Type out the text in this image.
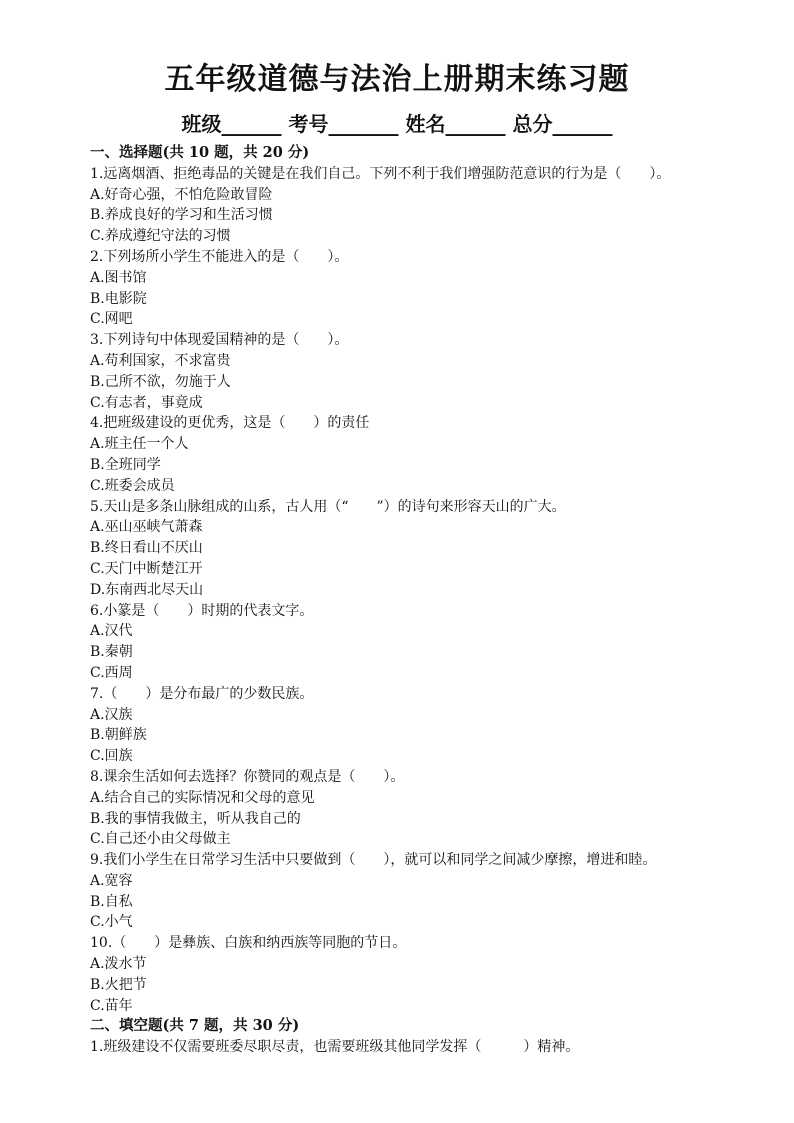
五年级道德与法治上册期末练习题
班级______ 考号_______ 姓名______ 总分______
一、选择题(共 10 题，共 20 分)
1.远离烟酒、拒绝毒品的关键是在我们自己。下列不利于我们增强防范意识的行为是（　　）。
A.好奇心强，不怕危险敢冒险
B.养成良好的学习和生活习惯
C.养成遵纪守法的习惯
2.下列场所小学生不能进入的是（　　）。
A.图书馆
B.电影院
C.网吧
3.下列诗句中体现爱国精神的是（　　）。
A.苟利国家，不求富贵
B.己所不欲，勿施于人
C.有志者，事竟成
4.把班级建设的更优秀，这是（　　）的责任
A.班主任一个人
B.全班同学
C.班委会成员
5.天山是多条山脉组成的山系，古人用（“　　”）的诗句来形容天山的广大。
A.巫山巫峡气萧森
B.终日看山不厌山
C.天门中断楚江开
D.东南西北尽天山
6.小篆是（　　）时期的代表文字。
A.汉代
B.秦朝
C.西周
7.（　　）是分布最广的少数民族。
A.汉族
B.朝鲜族
C.回族
8.课余生活如何去选择？你赞同的观点是（　　）。
A.结合自己的实际情况和父母的意见
B.我的事情我做主，听从我自己的
C.自己还小由父母做主
9.我们小学生在日常学习生活中只要做到（　　），就可以和同学之间减少摩擦，增进和睦。
A.宽容
B.自私
C.小气
10.（　　）是彝族、白族和纳西族等同胞的节日。
A.泼水节
B.火把节
C.苗年
二、填空题(共 7 题，共 30 分)
1.班级建设不仅需要班委尽职尽责，也需要班级其他同学发挥（　　　）精神。
